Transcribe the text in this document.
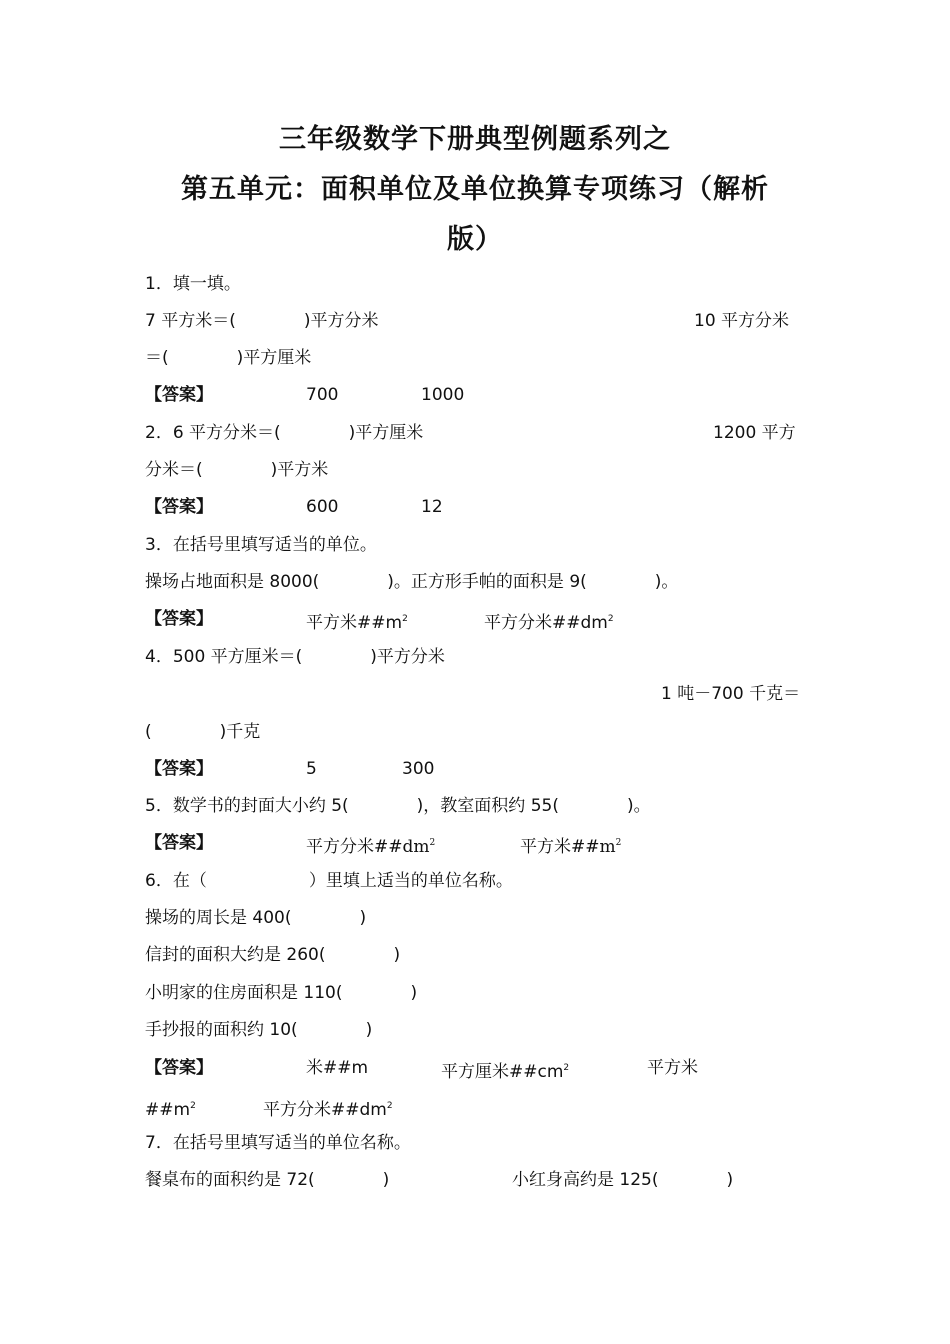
三年级数学下册典型例题系列之
第五单元：面积单位及单位换算专项练习（解析
版）
1．填一填。
7 平方米＝(　　　　)平方分米	10 平方分米
＝(　　　　)平方厘米
【答案】	700	1000
2．6 平方分米＝(　　　　)平方厘米	1200 平方
分米＝(　　　　)平方米
【答案】	600	12
3．在括号里填写适当的单位。
操场占地面积是 8000(　　　　)。正方形手帕的面积是 9(　　　　)。
【答案】	平方米$\#\#m^2$	平方分米$\#\#dm^2$
4．500 平方厘米＝(　　　　)平方分米
1 吨－700 千克＝
(　　　　)千克
【答案】	5	300
5．数学书的封面大小约 5(　　　　)，教室面积约 55(　　　　)。
【答案】	平方分米$\#\#dm^2$	平方米$\#\#m^2$
6．在（　　　　　　）里填上适当的单位名称。
操场的周长是 400(　　　　)
信封的面积大约是 260(　　　　)
小明家的住房面积是 110(　　　　)
手抄报的面积约 10(　　　　)
【答案】	米##m	平方厘米$\#\#cm^2$	平方米
$\#\#m^2$	平方分米$\#\#dm^2$
7．在括号里填写适当的单位名称。
餐桌布的面积约是 72(　　　　)	小红身高约是 125(　　　　)
